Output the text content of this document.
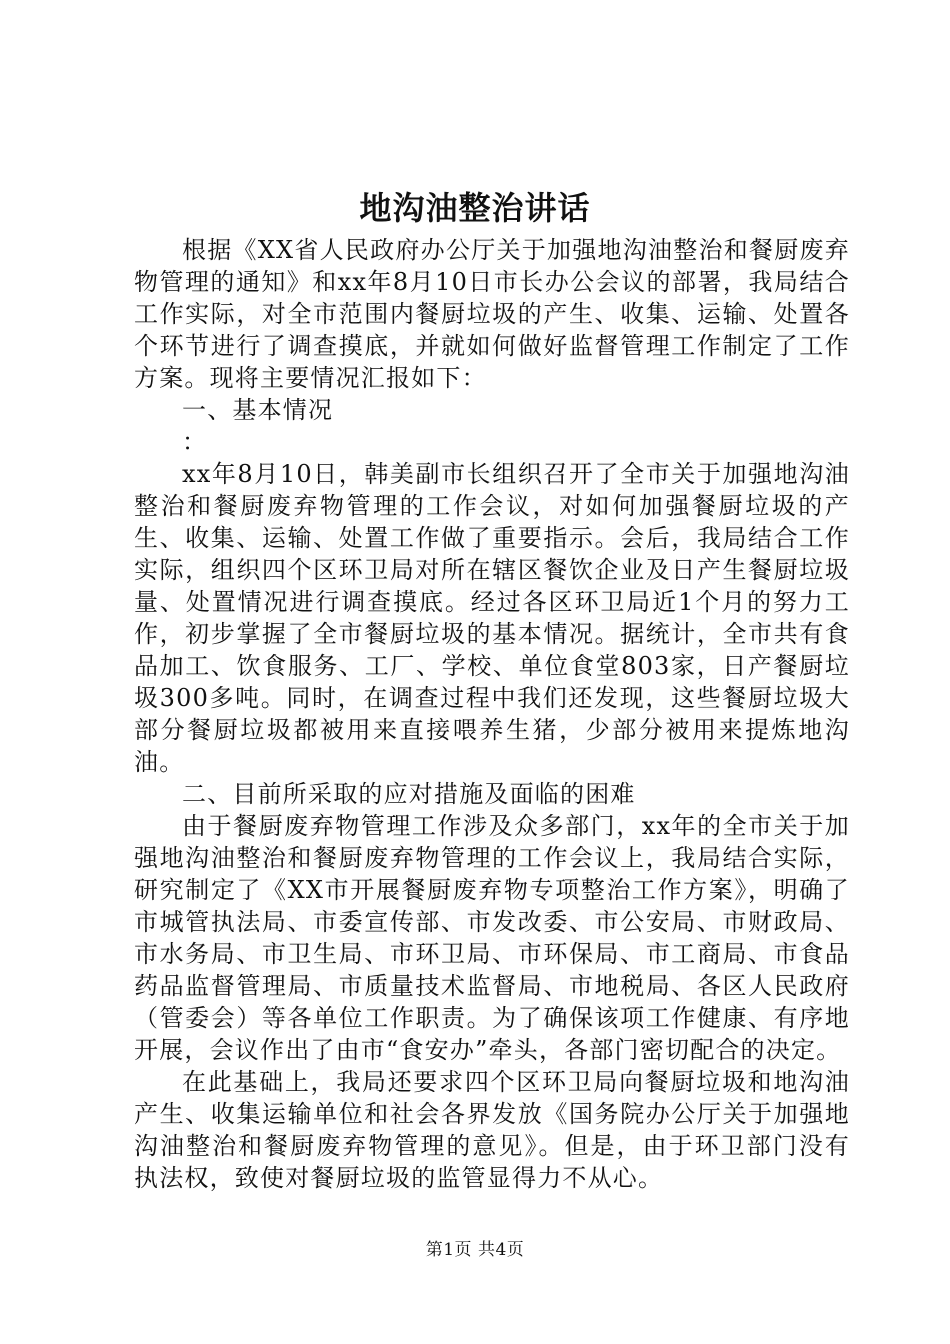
地沟油整治讲话

根据《XX省人民政府办公厅关于加强地沟油整治和餐厨废弃物管理的通知》和xx年8月10日市长办公会议的部署，我局结合工作实际，对全市范围内餐厨垃圾的产生、收集、运输、处置各个环节进行了调查摸底，并就如何做好监督管理工作制定了工作方案。现将主要情况汇报如下：

一、基本情况

：

xx年8月10日，韩美副市长组织召开了全市关于加强地沟油整治和餐厨废弃物管理的工作会议，对如何加强餐厨垃圾的产生、收集、运输、处置工作做了重要指示。会后，我局结合工作实际，组织四个区环卫局对所在辖区餐饮企业及日产生餐厨垃圾量、处置情况进行调查摸底。经过各区环卫局近1个月的努力工作，初步掌握了全市餐厨垃圾的基本情况。据统计，全市共有食品加工、饮食服务、工厂、学校、单位食堂803家，日产餐厨垃圾300多吨。同时，在调查过程中我们还发现，这些餐厨垃圾大部分餐厨垃圾都被用来直接喂养生猪，少部分被用来提炼地沟油。

二、目前所采取的应对措施及面临的困难

由于餐厨废弃物管理工作涉及众多部门，xx年的全市关于加强地沟油整治和餐厨废弃物管理的工作会议上，我局结合实际，研究制定了《XX市开展餐厨废弃物专项整治工作方案》，明确了市城管执法局、市委宣传部、市发改委、市公安局、市财政局、市水务局、市卫生局、市环卫局、市环保局、市工商局、市食品药品监督管理局、市质量技术监督局、市地税局、各区人民政府（管委会）等各单位工作职责。为了确保该项工作健康、有序地开展，会议作出了由市“食安办”牵头，各部门密切配合的决定。

在此基础上，我局还要求四个区环卫局向餐厨垃圾和地沟油产生、收集运输单位和社会各界发放《国务院办公厅关于加强地沟油整治和餐厨废弃物管理的意见》。但是，由于环卫部门没有执法权，致使对餐厨垃圾的监管显得力不从心。

第1页 共4页
